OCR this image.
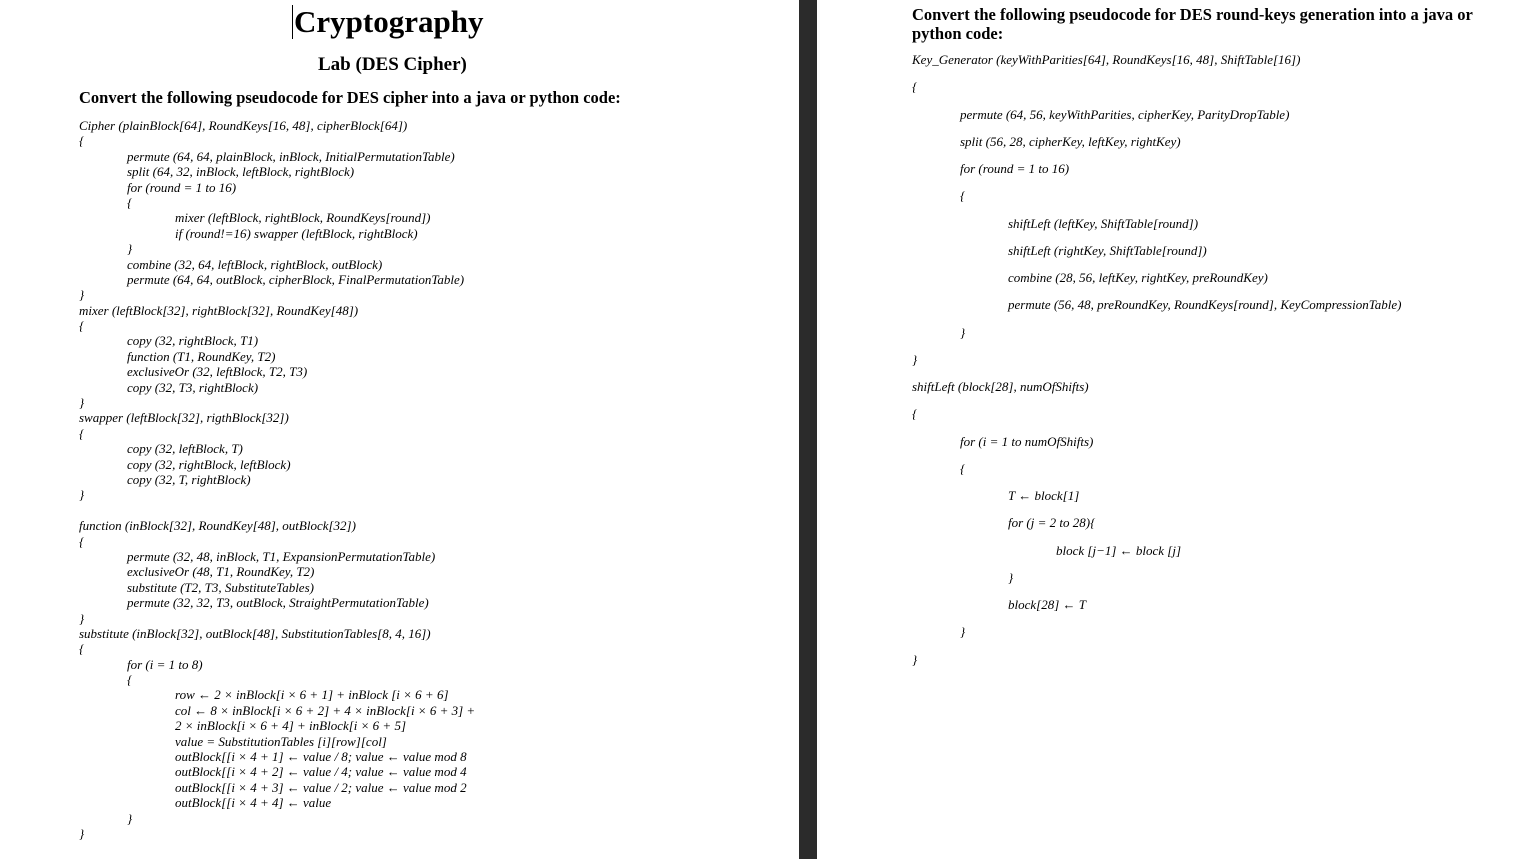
Cryptography
Lab (DES Cipher)
Convert the following pseudocode for DES cipher into a java or python code:
Cipher (plainBlock[64], RoundKeys[16, 48], cipherBlock[64])
{
permute (64, 64, plainBlock, inBlock, InitialPermutationTable)
split (64, 32, inBlock, leftBlock, rightBlock)
for (round = 1 to 16)
{
mixer (leftBlock, rightBlock, RoundKeys[round])
if (round!=16) swapper (leftBlock, rightBlock)
}
combine (32, 64, leftBlock, rightBlock, outBlock)
permute (64, 64, outBlock, cipherBlock, FinalPermutationTable)
}
mixer (leftBlock[32], rightBlock[32], RoundKey[48])
{
copy (32, rightBlock, T1)
function (T1, RoundKey, T2)
exclusiveOr (32, leftBlock, T2, T3)
copy (32, T3, rightBlock)
}
swapper (leftBlock[32], rigthBlock[32])
{
copy (32, leftBlock, T)
copy (32, rightBlock, leftBlock)
copy (32, T, rightBlock)
}
function (inBlock[32], RoundKey[48], outBlock[32])
{
permute (32, 48, inBlock, T1, ExpansionPermutationTable)
exclusiveOr (48, T1, RoundKey, T2)
substitute (T2, T3, SubstituteTables)
permute (32, 32, T3, outBlock, StraightPermutationTable)
}
substitute (inBlock[32], outBlock[48], SubstitutionTables[8, 4, 16])
{
for (i = 1 to 8)
{
row ← 2 × inBlock[i × 6 + 1] + inBlock [i × 6 + 6]
col ← 8 × inBlock[i × 6 + 2] + 4 × inBlock[i × 6 + 3] +
2 × inBlock[i × 6 + 4] + inBlock[i × 6 + 5]
value = SubstitutionTables [i][row][col]
outBlock[[i × 4 + 1] ← value / 8; value ← value mod 8
outBlock[[i × 4 + 2] ← value / 4; value ← value mod 4
outBlock[[i × 4 + 3] ← value / 2; value ← value mod 2
outBlock[[i × 4 + 4] ← value
}
}
Convert the following pseudocode for DES round-keys generation into a java or python code:
Key_Generator (keyWithParities[64], RoundKeys[16, 48], ShiftTable[16])
{
permute (64, 56, keyWithParities, cipherKey, ParityDropTable)
split (56, 28, cipherKey, leftKey, rightKey)
for (round = 1 to 16)
{
shiftLeft (leftKey, ShiftTable[round])
shiftLeft (rightKey, ShiftTable[round])
combine (28, 56, leftKey, rightKey, preRoundKey)
permute (56, 48, preRoundKey, RoundKeys[round], KeyCompressionTable)
}
}
shiftLeft (block[28], numOfShifts)
{
for (i = 1 to numOfShifts)
{
T ← block[1]
for (j = 2 to 28){
block [j−1] ← block [j]
}
block[28] ← T
}
}
